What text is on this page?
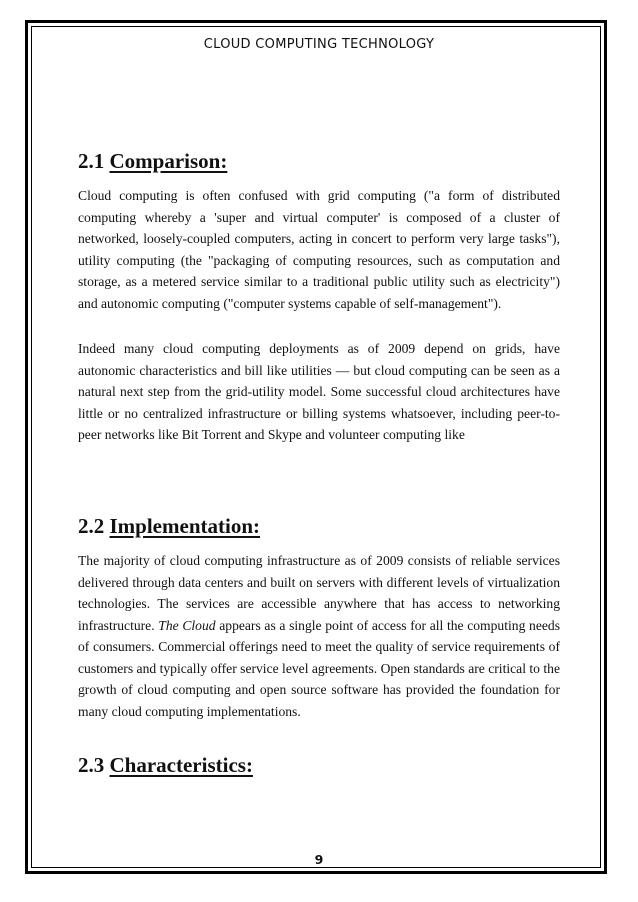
CLOUD COMPUTING TECHNOLOGY
2.1 Comparison:

Cloud computing is often confused with grid computing ("a form of distributed computing whereby a 'super and virtual computer' is composed of a cluster of networked, loosely-coupled computers, acting in concert to perform very large tasks"), utility computing (the "packaging of computing resources, such as computation and storage, as a metered service similar to a traditional public utility such as electricity") and autonomic computing ("computer systems capable of self-management").

Indeed many cloud computing deployments as of 2009 depend on grids, have autonomic characteristics and bill like utilities — but cloud computing can be seen as a natural next step from the grid-utility model. Some successful cloud architectures have little or no centralized infrastructure or billing systems whatsoever, including peer-to-peer networks like Bit Torrent and Skype and volunteer computing like

2.2 Implementation:

The majority of cloud computing infrastructure as of 2009 consists of reliable services delivered through data centers and built on servers with different levels of virtualization technologies. The services are accessible anywhere that has access to networking infrastructure. The Cloud appears as a single point of access for all the computing needs of consumers. Commercial offerings need to meet the quality of service requirements of customers and typically offer service level agreements. Open standards are critical to the growth of cloud computing and open source software has provided the foundation for many cloud computing implementations.

2.3 Characteristics:
9
